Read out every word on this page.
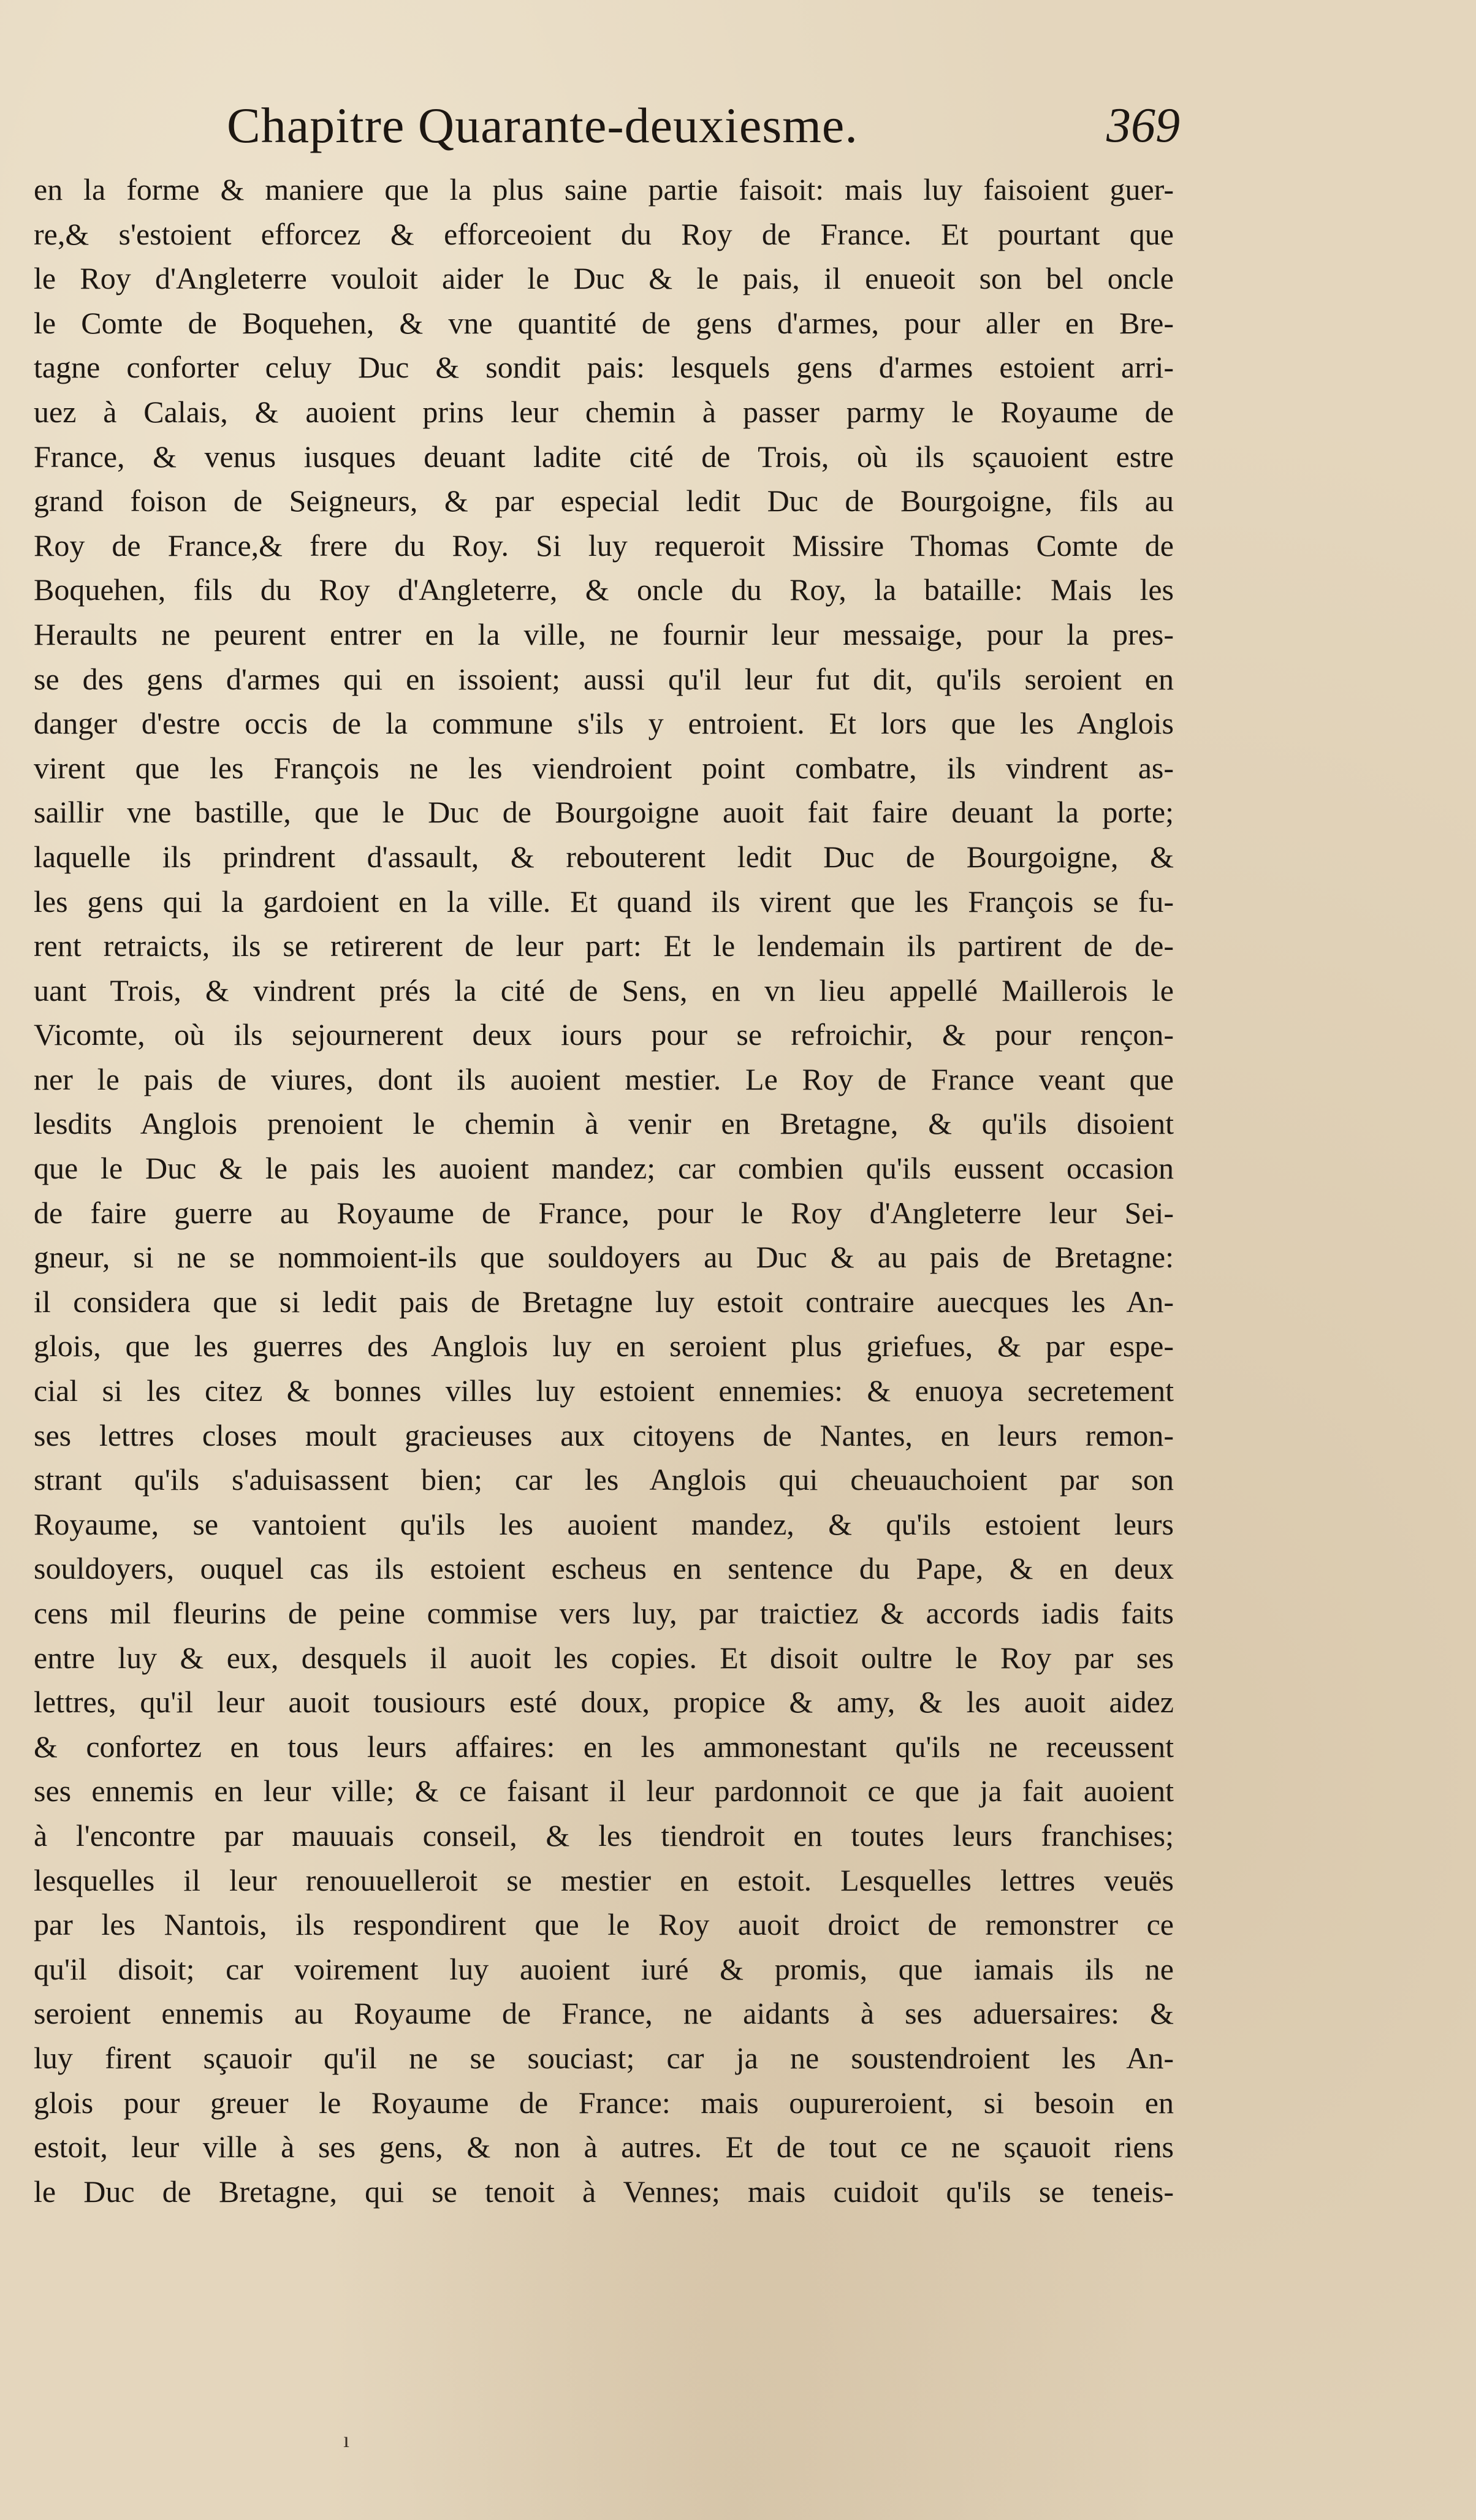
Chapitre Quarante-deuxiesme.	369
en la forme & maniere que la plus saine partie faisoit: mais luy faisoient guer-
re,& s'estoient efforcez & efforceoient du Roy de France. Et pourtant que
le Roy d'Angleterre vouloit aider le Duc & le pais, il enueoit son bel oncle
le Comte de Boquehen, & vne quantité de gens d'armes, pour aller en Bre-
tagne conforter celuy Duc & sondit pais: lesquels gens d'armes estoient arri-
uez à Calais, & auoient prins leur chemin à passer parmy le Royaume de
France, & venus iusques deuant ladite cité de Trois, où ils sçauoient estre
grand foison de Seigneurs, & par especial ledit Duc de Bourgoigne, fils au
Roy de France,& frere du Roy. Si luy requeroit Missire Thomas Comte de
Boquehen, fils du Roy d'Angleterre, & oncle du Roy, la bataille: Mais les
Heraults ne peurent entrer en la ville, ne fournir leur messaige, pour la pres-
se des gens d'armes qui en issoient; aussi qu'il leur fut dit, qu'ils seroient en
danger d'estre occis de la commune s'ils y entroient. Et lors que les Anglois
virent que les François ne les viendroient point combatre, ils vindrent as-
saillir vne bastille, que le Duc de Bourgoigne auoit fait faire deuant la porte;
laquelle ils prindrent d'assault, & rebouterent ledit Duc de Bourgoigne, &
les gens qui la gardoient en la ville. Et quand ils virent que les François se fu-
rent retraicts, ils se retirerent de leur part: Et le lendemain ils partirent de de-
uant Trois, & vindrent prés la cité de Sens, en vn lieu appellé Maillerois le
Vicomte, où ils sejournerent deux iours pour se refroichir, & pour rençon-
ner le pais de viures, dont ils auoient mestier. Le Roy de France veant que
lesdits Anglois prenoient le chemin à venir en Bretagne, & qu'ils disoient
que le Duc & le pais les auoient mandez; car combien qu'ils eussent occasion
de faire guerre au Royaume de France, pour le Roy d'Angleterre leur Sei-
gneur, si ne se nommoient-ils que souldoyers au Duc & au pais de Bretagne:
il considera que si ledit pais de Bretagne luy estoit contraire auecques les An-
glois, que les guerres des Anglois luy en seroient plus griefues, & par espe-
cial si les citez & bonnes villes luy estoient ennemies: & enuoya secretement
ses lettres closes moult gracieuses aux citoyens de Nantes, en leurs remon-
strant qu'ils s'aduisassent bien; car les Anglois qui cheuauchoient par son
Royaume, se vantoient qu'ils les auoient mandez, & qu'ils estoient leurs
souldoyers, ouquel cas ils estoient escheus en sentence du Pape, & en deux
cens mil fleurins de peine commise vers luy, par traictiez & accords iadis faits
entre luy & eux, desquels il auoit les copies. Et disoit oultre le Roy par ses
lettres, qu'il leur auoit tousiours esté doux, propice & amy, & les auoit aidez
& confortez en tous leurs affaires: en les ammonestant qu'ils ne receussent
ses ennemis en leur ville; & ce faisant il leur pardonnoit ce que ja fait auoient
à l'encontre par mauuais conseil, & les tiendroit en toutes leurs franchises;
lesquelles il leur renouuelleroit se mestier en estoit. Lesquelles lettres veuës
par les Nantois, ils respondirent que le Roy auoit droict de remonstrer ce
qu'il disoit; car voirement luy auoient iuré & promis, que iamais ils ne
seroient ennemis au Royaume de France, ne aidants à ses aduersaires: &
luy firent sçauoir qu'il ne se souciast; car ja ne soustendroient les An-
glois pour greuer le Royaume de France: mais oupureroient, si besoin en
estoit, leur ville à ses gens, & non à autres. Et de tout ce ne sçauoit riens
le Duc de Bretagne, qui se tenoit à Vennes; mais cuidoit qu'ils se teneis-
ı
